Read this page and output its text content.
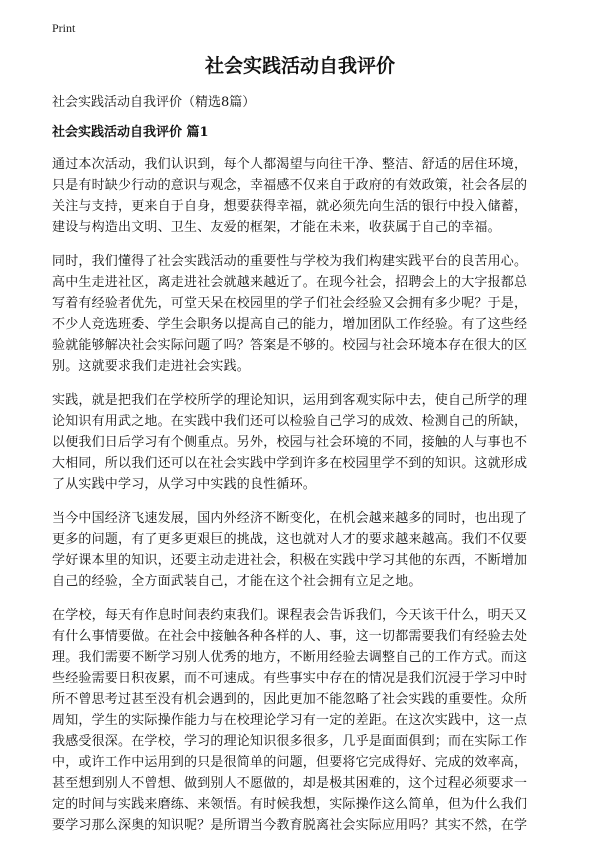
Print
社会实践活动自我评价
社会实践活动自我评价（精选8篇）
社会实践活动自我评价 篇1

通过本次活动，我们认识到，每个人都渴望与向往干净、整洁、舒适的居住环境，
只是有时缺少行动的意识与观念，幸福感不仅来自于政府的有效政策，社会各层的
关注与支持，更来自于自身，想要获得幸福，就必须先向生活的银行中投入储蓄，
建设与构造出文明、卫生、友爱的框架，才能在未来，收获属于自己的幸福。

同时，我们懂得了社会实践活动的重要性与学校为我们构建实践平台的良苦用心。
高中生走进社区，离走进社会就越来越近了。在现今社会，招聘会上的大字报都总
写着有经验者优先，可堂天呆在校园里的学子们社会经验又会拥有多少呢？于是，
不少人竞选班委、学生会职务以提高自己的能力，增加团队工作经验。有了这些经
验就能够解决社会实际问题了吗？答案是不够的。校园与社会环境本存在很大的区
别。这就要求我们走进社会实践。

实践，就是把我们在学校所学的理论知识，运用到客观实际中去，使自己所学的理
论知识有用武之地。在实践中我们还可以检验自己学习的成效、检测自己的所缺，
以便我们日后学习有个侧重点。另外，校园与社会环境的不同，接触的人与事也不
大相同，所以我们还可以在社会实践中学到许多在校园里学不到的知识。这就形成
了从实践中学习，从学习中实践的良性循环。

当今中国经济飞速发展，国内外经济不断变化，在机会越来越多的同时，也出现了
更多的问题，有了更多更艰巨的挑战，这也就对人才的要求越来越高。我们不仅要
学好课本里的知识，还要主动走进社会，积极在实践中学习其他的东西，不断增加
自己的经验，全方面武装自己，才能在这个社会拥有立足之地。

在学校，每天有作息时间表约束我们。课程表会告诉我们，今天该干什么，明天又
有什么事情要做。在社会中接触各种各样的人、事，这一切都需要我们有经验去处
理。我们需要不断学习别人优秀的地方，不断用经验去调整自己的工作方式。而这
些经验需要日积夜累，而不可速成。有些事实中存在的情况是我们沉浸于学习中时
所不曾思考过甚至没有机会遇到的，因此更加不能忽略了社会实践的重要性。众所
周知，学生的实际操作能力与在校理论学习有一定的差距。在这次实践中，这一点
我感受很深。在学校，学习的理论知识很多很多，几乎是面面俱到；而在实际工作
中，或许工作中运用到的只是很简单的问题，但要将它完成得好、完成的效率高，
甚至想到别人不曾想、做到别人不愿做的，却是极其困难的，这个过程必须要求一
定的时间与实践来磨练、来领悟。有时候我想，实际操作这么简单，但为什么我们
要学习那么深奥的知识呢？是所谓当今教育脱离社会实际应用吗？其实不然，在学
